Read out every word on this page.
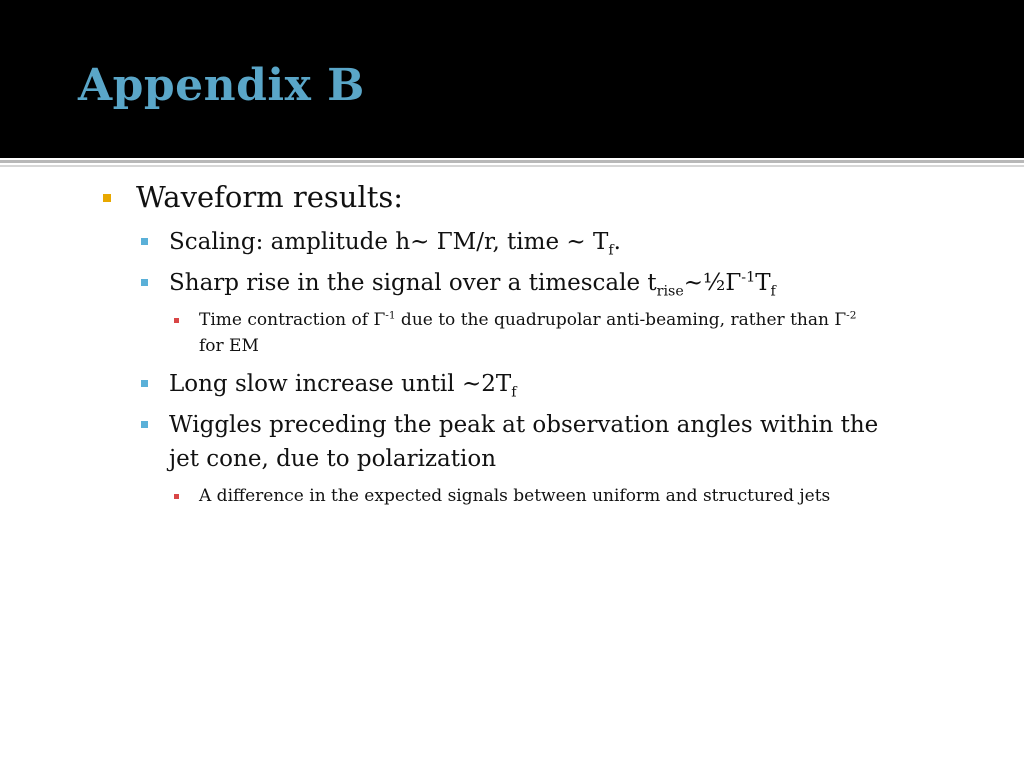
Appendix B
Waveform results:
Scaling: amplitude h~ ΓM/r, time ~ $T_f$.
Sharp rise in the signal over a timescale $t_{rise}\sim\frac{1}{2}\Gamma^{-1}T_f$
Time contraction of $\Gamma^{-1}$ due to the quadrupolar anti-beaming, rather than $\Gamma^{-2}$
for EM
Long slow increase until $\sim 2T_f$
Wiggles preceding the peak at observation angles within the
jet cone, due to polarization
A difference in the expected signals between uniform and structured jets
